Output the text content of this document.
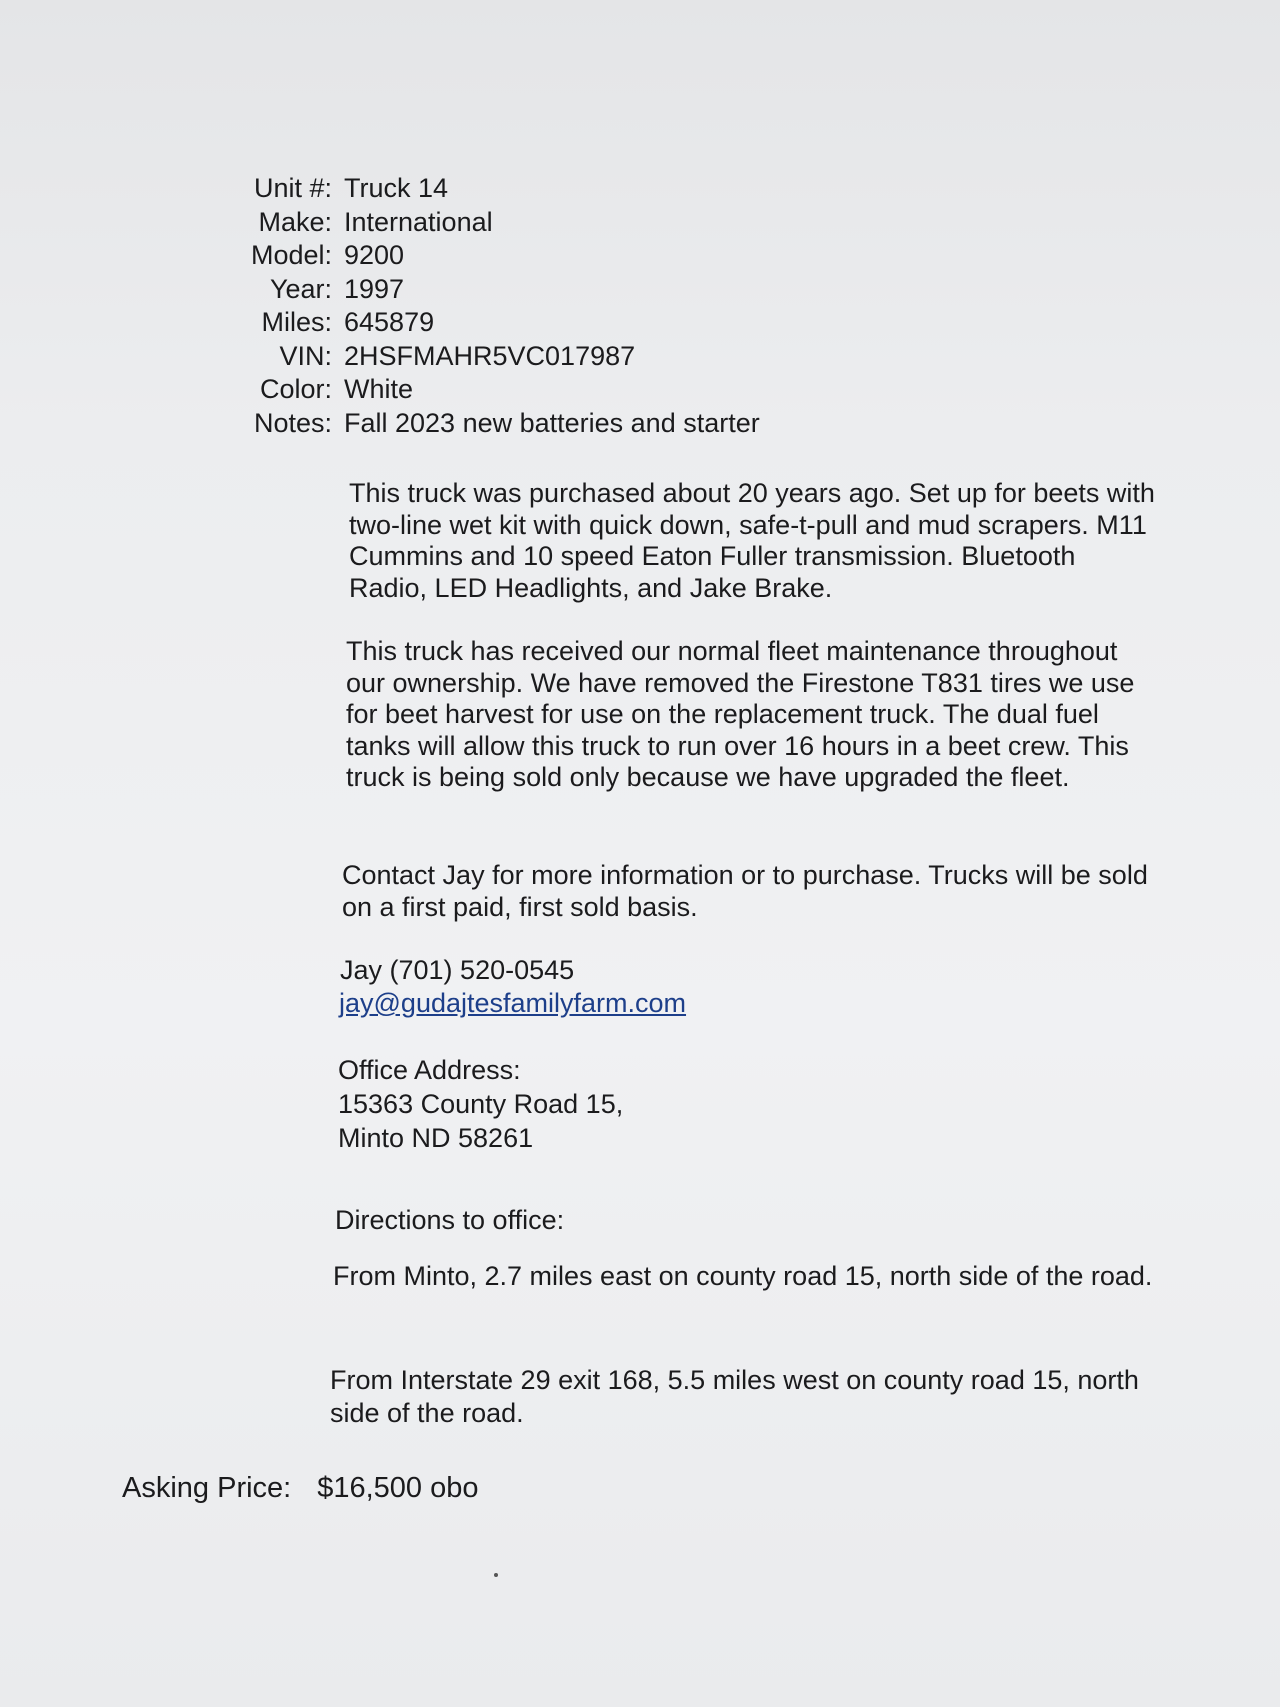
Unit #: Truck 14
Make: International
Model: 9200
Year: 1997
Miles: 645879
VIN: 2HSFMAHR5VC017987
Color: White
Notes: Fall 2023 new batteries and starter
This truck was purchased about 20 years ago. Set up for beets with two-line wet kit with quick down, safe-t-pull and mud scrapers. M11 Cummins and 10 speed Eaton Fuller transmission. Bluetooth Radio, LED Headlights, and Jake Brake.
This truck has received our normal fleet maintenance throughout our ownership. We have removed the Firestone T831 tires we use for beet harvest for use on the replacement truck. The dual fuel tanks will allow this truck to run over 16 hours in a beet crew. This truck is being sold only because we have upgraded the fleet.
Contact Jay for more information or to purchase. Trucks will be sold on a first paid, first sold basis.
Jay (701) 520-0545
jay@gudajtesfamilyfarm.com
Office Address:
15363 County Road 15,
Minto ND 58261
Directions to office:
From Minto, 2.7 miles east on county road 15, north side of the road.
From Interstate 29 exit 168, 5.5 miles west on county road 15, north side of the road.
Asking Price: $16,500 obo
